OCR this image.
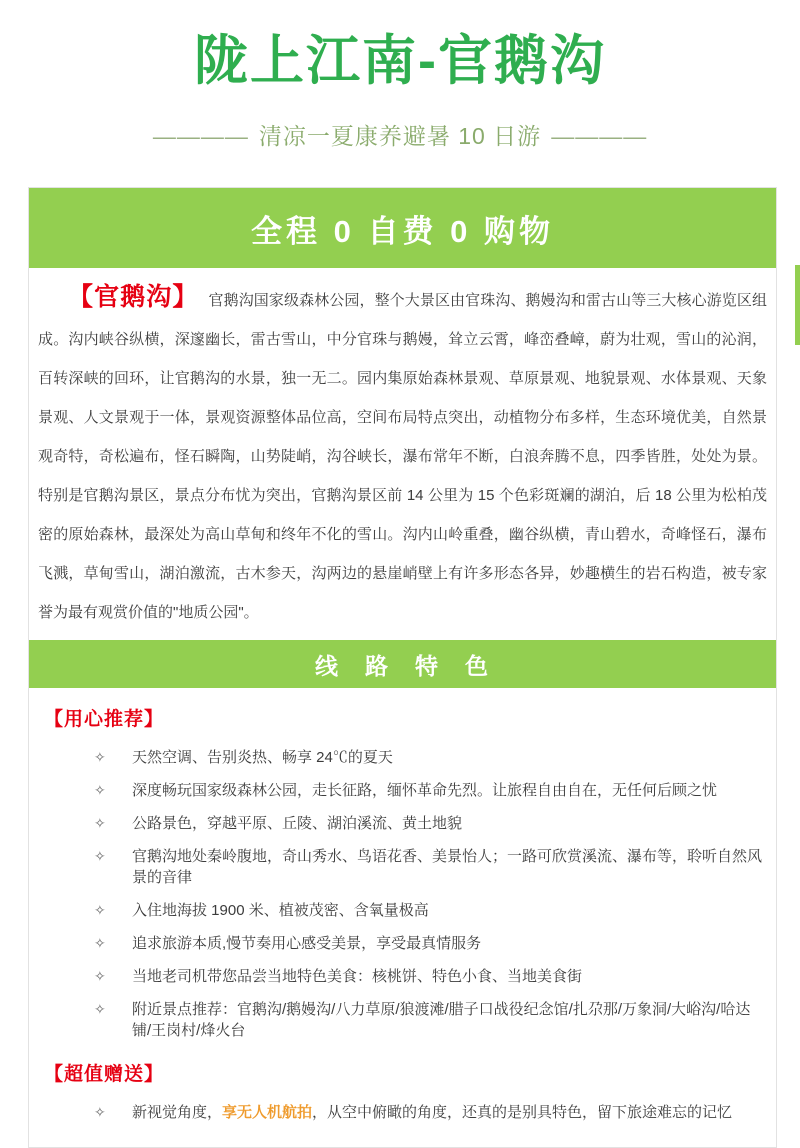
陇上江南-官鹅沟
———— 清凉一夏康养避暑 10 日游 ————
全程 0 自费 0 购物
【官鹅沟】 官鹅沟国家级森林公园，整个大景区由官珠沟、鹅嫚沟和雷古山等三大核心游览区组成。沟内峡谷纵横，深邃幽长，雷古雪山，中分官珠与鹅嫚，耸立云霄，峰峦叠嶂，蔚为壮观，雪山的沁润，百转深峡的回环，让官鹅沟的水景，独一无二。园内集原始森林景观、草原景观、地貌景观、水体景观、天象景观、人文景观于一体，景观资源整体品位高，空间布局特点突出，动植物分布多样，生态环境优美，自然景观奇特，奇松遍布，怪石瞬陶，山势陡峭，沟谷峡长，瀑布常年不断，白浪奔腾不息，四季皆胜，处处为景。特别是官鹅沟景区，景点分布忧为突出，官鹅沟景区前 14 公里为 15 个色彩斑斓的湖泊，后 18 公里为松柏茂密的原始森林，最深处为高山草甸和终年不化的雪山。沟内山岭重叠，幽谷纵横，青山碧水，奇峰怪石，瀑布飞溅，草甸雪山，湖泊激流，古木参天，沟两边的悬崖峭壁上有许多形态各异，妙趣横生的岩石构造，被专家誉为最有观赏价值的"地质公园"。
线　路　特　色
【用心推荐】
✧	天然空调、告别炎热、畅享 24℃的夏天
✧	深度畅玩国家级森林公园，走长征路，缅怀革命先烈。让旅程自由自在，无任何后顾之忧
✧	公路景色，穿越平原、丘陵、湖泊溪流、黄土地貌
✧	官鹅沟地处秦岭腹地，奇山秀水、鸟语花香、美景怡人；一路可欣赏溪流、瀑布等，聆听自然风景的音律
✧	入住地海拔 1900 米、植被茂密、含氧量极高
✧	追求旅游本质,慢节奏用心感受美景，享受最真情服务
✧	当地老司机带您品尝当地特色美食：核桃饼、特色小食、当地美食街
✧	附近景点推荐：官鹅沟/鹅嫚沟/八力草原/狼渡滩/腊子口战役纪念馆/扎尕那/万象洞/大峪沟/哈达铺/王岗村/烽火台
【超值赠送】
✧	新视觉角度，享无人机航拍，从空中俯瞰的角度，还真的是别具特色，留下旅途难忘的记忆
